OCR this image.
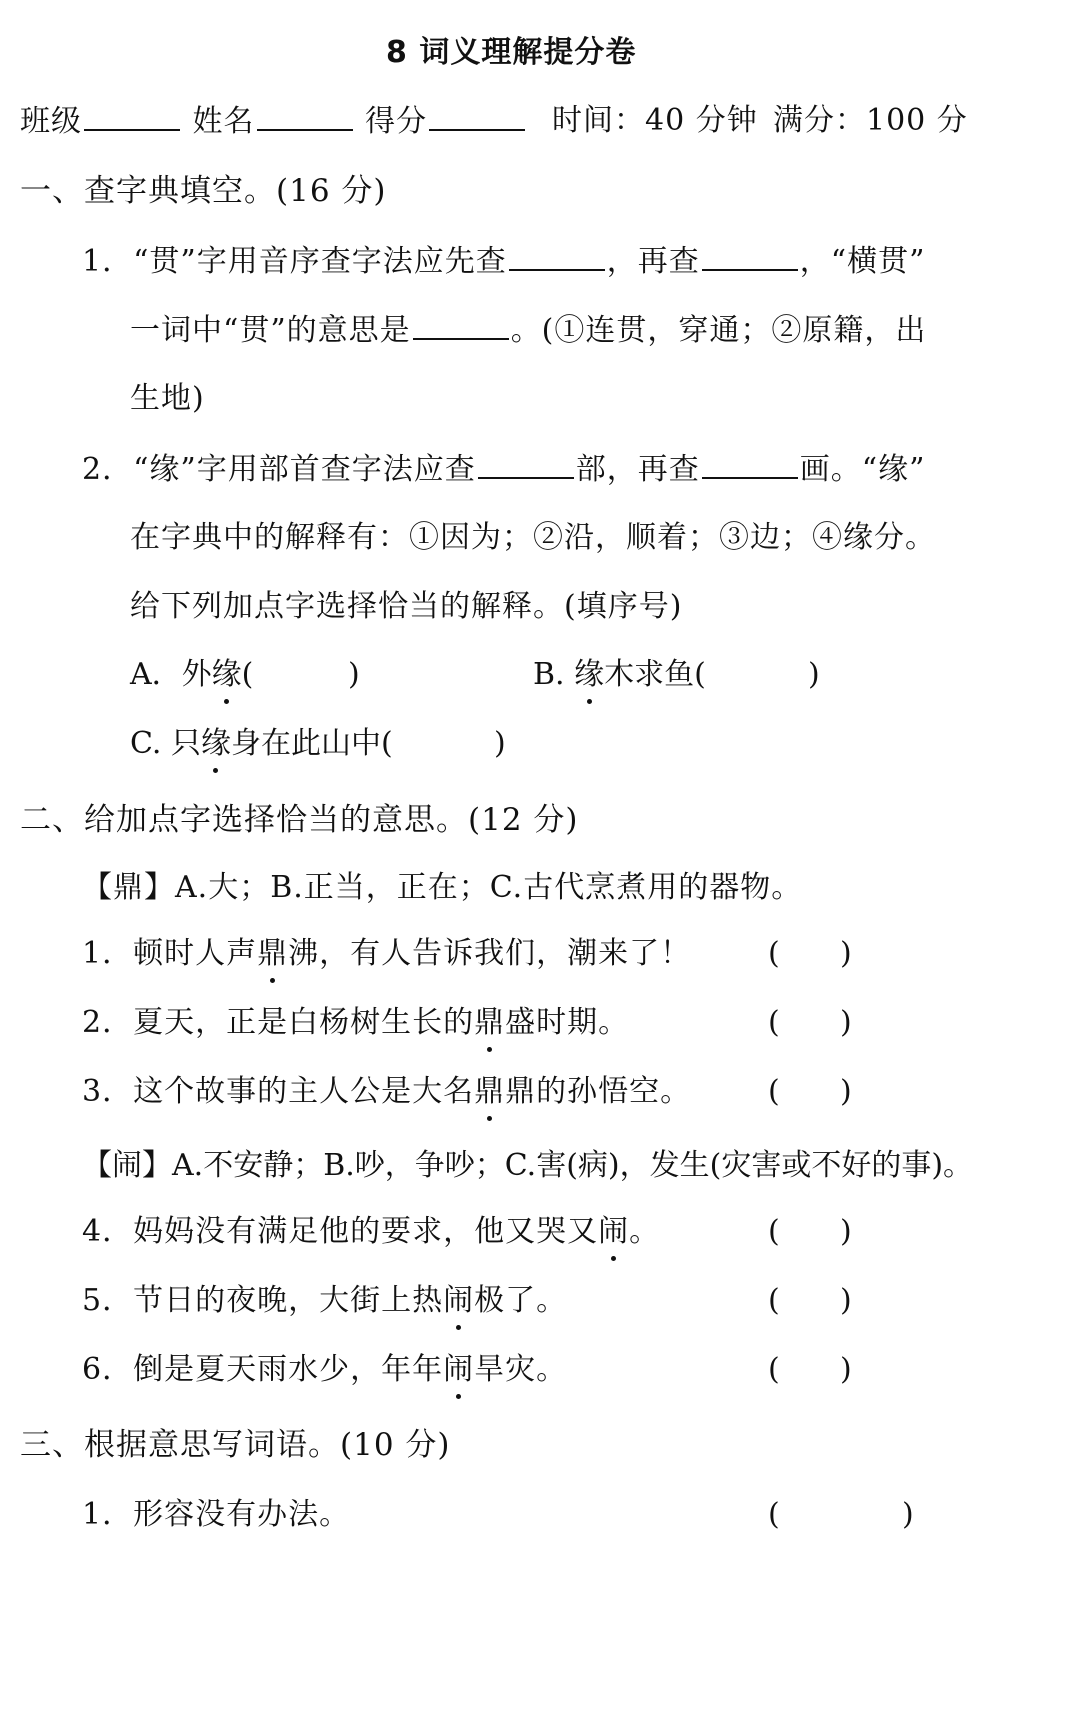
8 词义理解提分卷
班级	姓名	得分	时间：40 分钟 满分：100 分
一、查字典填空。(16 分)
1．“贯”字用音序查字法应先查	，再查	，“横贯”
一词中“贯”的意思是	。(①连贯，穿通；②原籍，出
生地)
2．“缘”字用部首查字法应查	部，再查	画。“缘”
在字典中的解释有：①因为；②沿，顺着；③边；④缘分。
给下列加点字选择恰当的解释。(填序号)
A．外缘(	)	B. 缘木求鱼(	)
C. 只缘身在此山中(	)
二、给加点字选择恰当的意思。(12 分)
【鼎】A.大；B.正当，正在；C.古代烹煮用的器物。
1．顿时人声鼎沸，有人告诉我们，潮来了！	( )
2．夏天，正是白杨树生长的鼎盛时期。	( )
3．这个故事的主人公是大名鼎鼎的孙悟空。	( )
【闹】A.不安静；B.吵，争吵；C.害(病)，发生(灾害或不好的事)。
4．妈妈没有满足他的要求，他又哭又闹。	( )
5．节日的夜晚，大街上热闹极了。	( )
6．倒是夏天雨水少，年年闹旱灾。	( )
三、根据意思写词语。(10 分)
1．形容没有办法。	(	)
